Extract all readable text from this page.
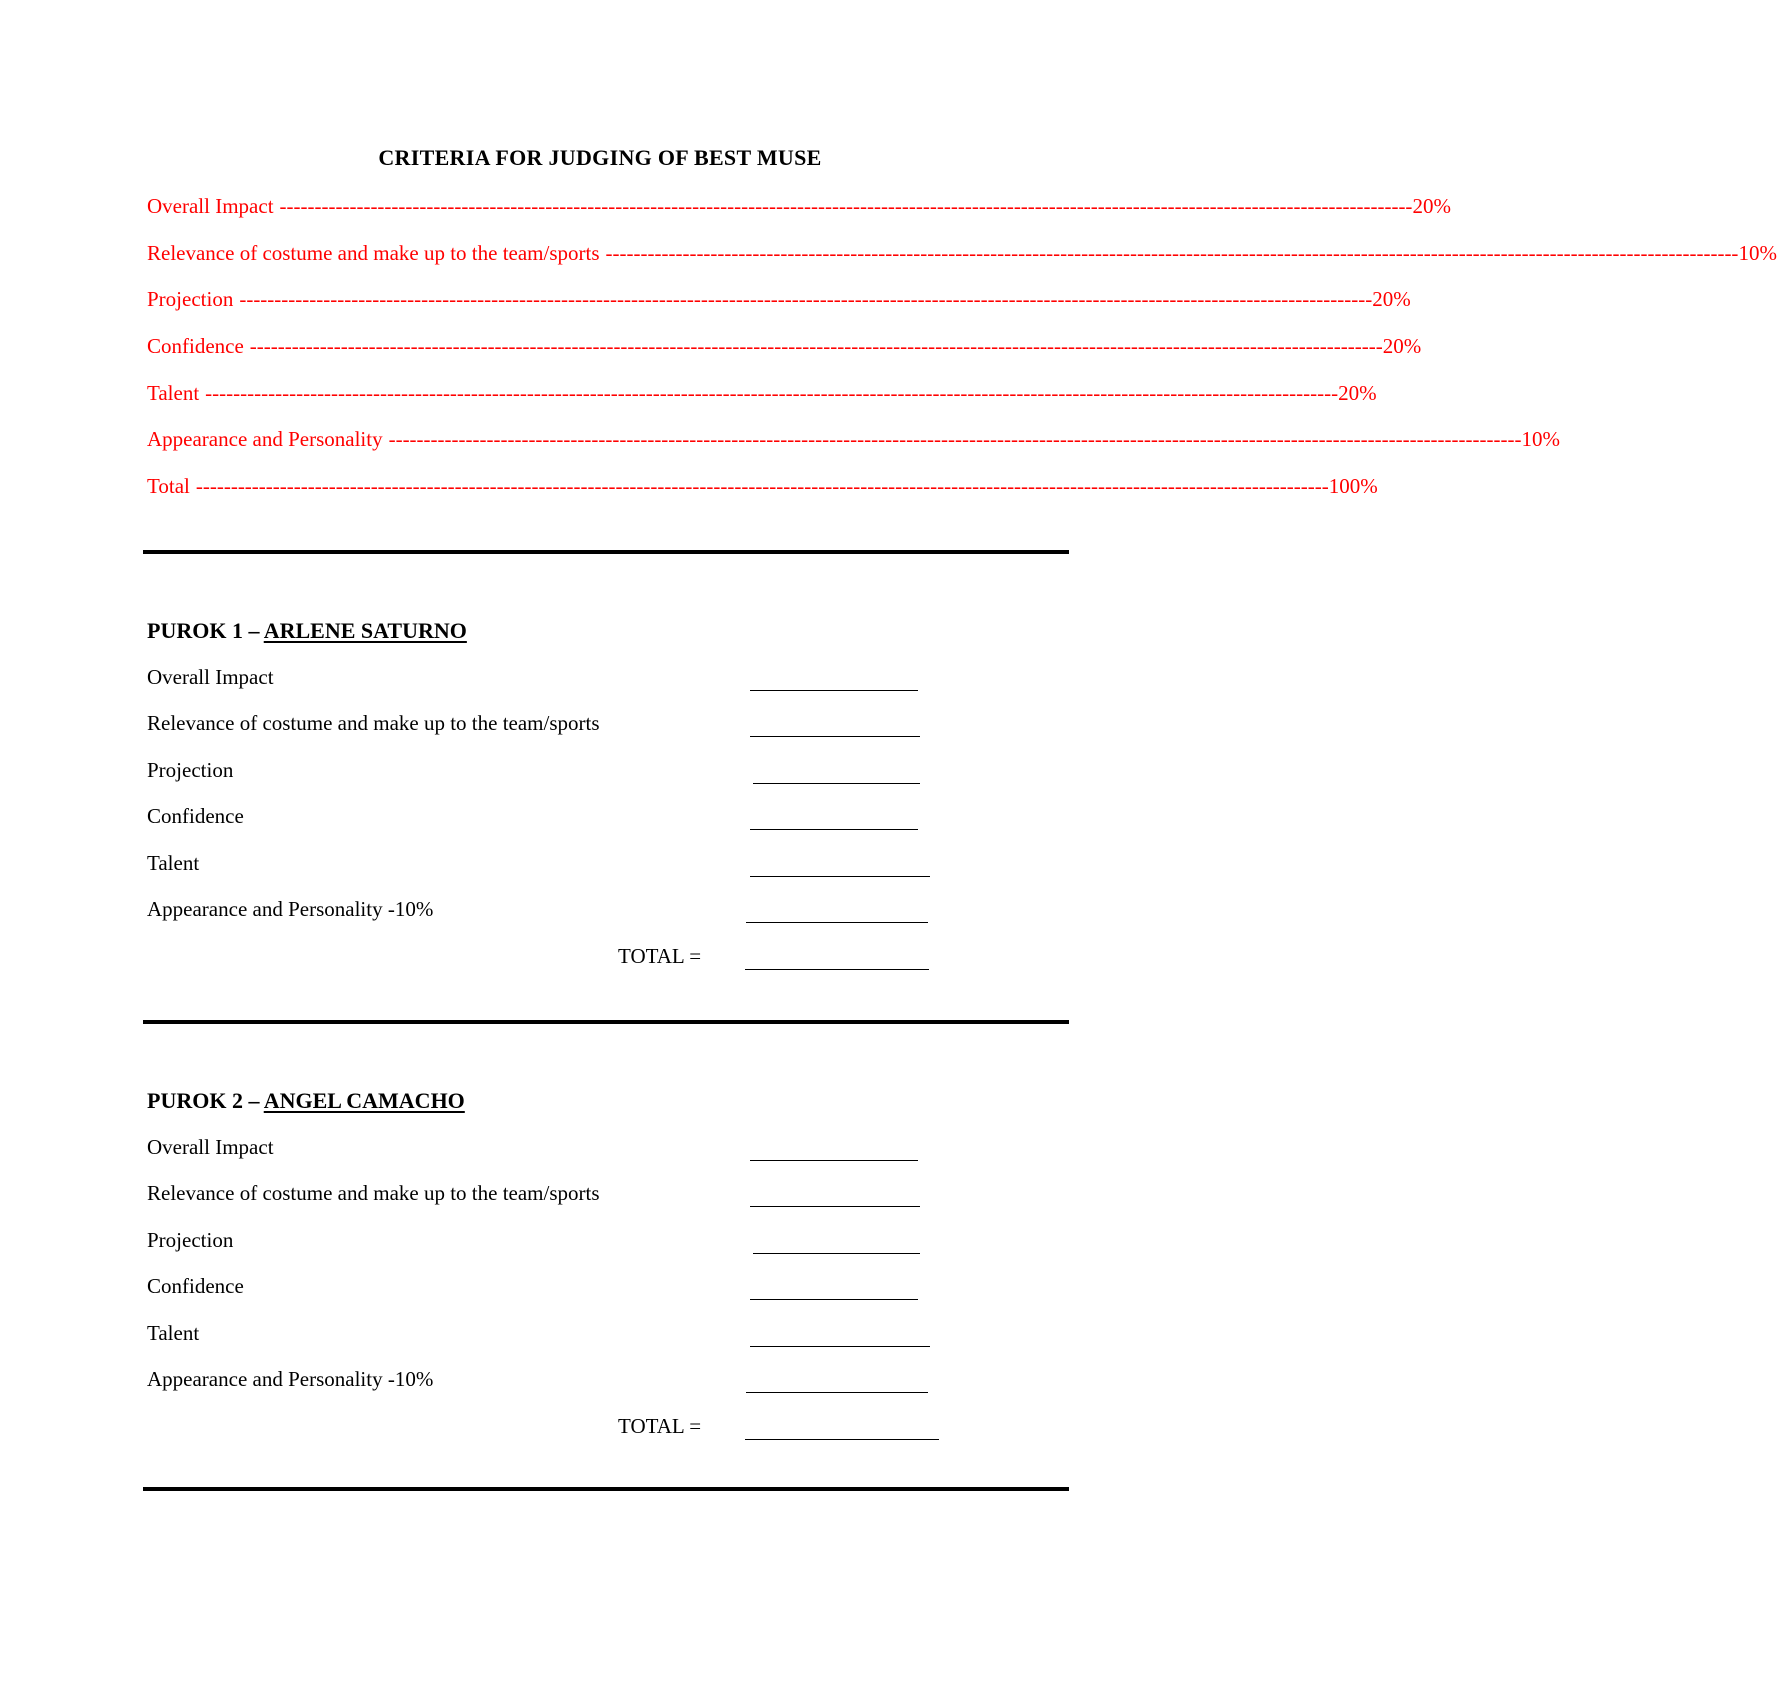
CRITERIA FOR JUDGING OF BEST MUSE
Overall Impact ------------------------------------------------------------------------------------------------------------------------------------------------------------------ 20%
Relevance of costume and make up to the team/sports ------------------------------------------------------------------------------------------------------------------------------------------------------------------ 10%
Projection ------------------------------------------------------------------------------------------------------------------------------------------------------------------ 20%
Confidence ------------------------------------------------------------------------------------------------------------------------------------------------------------------ 20%
Talent ------------------------------------------------------------------------------------------------------------------------------------------------------------------ 20%
Appearance and Personality ------------------------------------------------------------------------------------------------------------------------------------------------------------------ 10%
Total ------------------------------------------------------------------------------------------------------------------------------------------------------------------ 100%
PUROK 1 – ARLENE SATURNO
Overall Impact
Relevance of costume and make up to the team/sports
Projection
Confidence
Talent
Appearance and Personality -10%
TOTAL =
PUROK 2 – ANGEL CAMACHO
Overall Impact
Relevance of costume and make up to the team/sports
Projection
Confidence
Talent
Appearance and Personality -10%
TOTAL =
